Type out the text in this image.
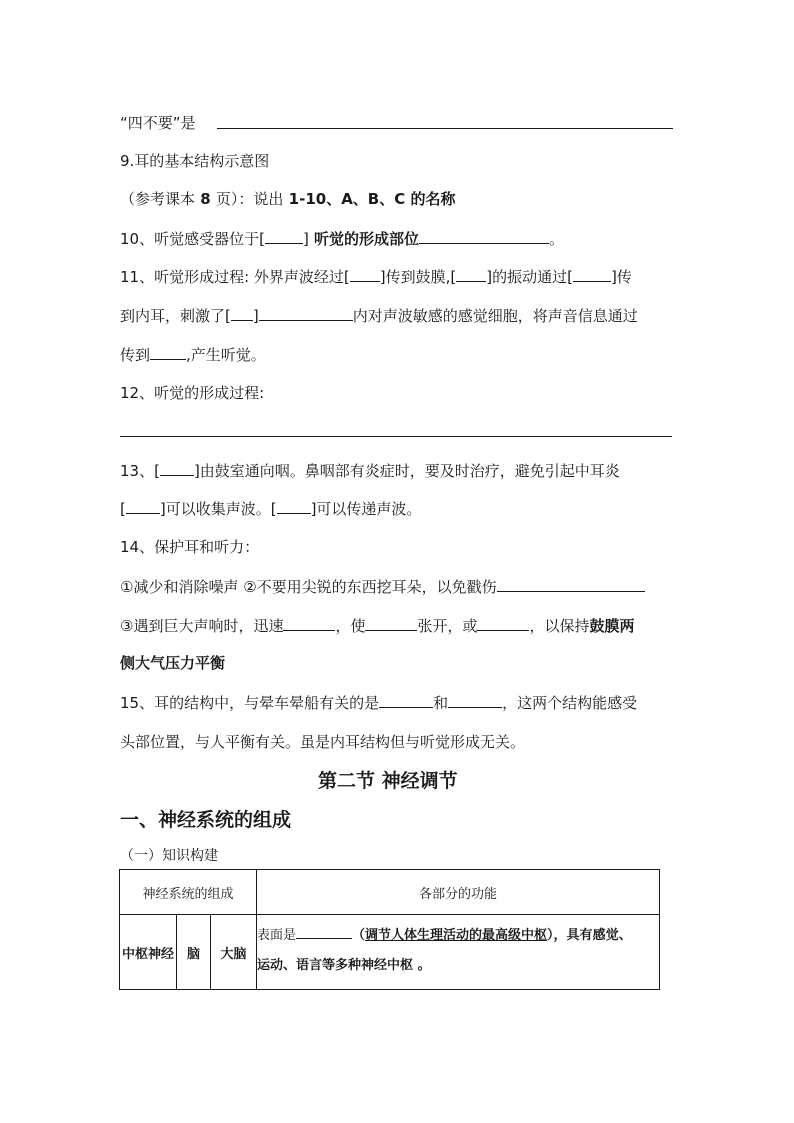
“四不要”是
9.耳的基本结构示意图
（参考课本 8 页）：说出 1-10、A、B、C 的名称
10、听觉感受器位于[	] 听觉的形成部位	。
11、听觉形成过程: 外界声波经过[ ]传到鼓膜,[ ]的振动通过[	]传
到内耳，刺激了[ ]	内对声波敏感的感觉细胞，将声音信息通过
传到 ,产生听觉。
12、听觉的形成过程:
13、[ ]由鼓室通向咽。鼻咽部有炎症时，要及时治疗，避免引起中耳炎
[ ]可以收集声波。[ ]可以传递声波。
14、保护耳和听力：
①减少和消除噪声 ②不要用尖锐的东西挖耳朵，以免戳伤
③遇到巨大声响时，迅速	，使	张开，或	，以保持鼓膜两
侧大气压力平衡
15、耳的结构中，与晕车晕船有关的是	和	，这两个结构能感受
头部位置，与人平衡有关。虽是内耳结构但与听觉形成无关。
第二节 神经调节
一、神经系统的组成
（一）知识构建
神经系统的组成			各部分的功能
中枢神经	脑	大脑	表面是 （调节人体生理活动的最高级中枢），具有感觉、
运动、语言等多种神经中枢 。
